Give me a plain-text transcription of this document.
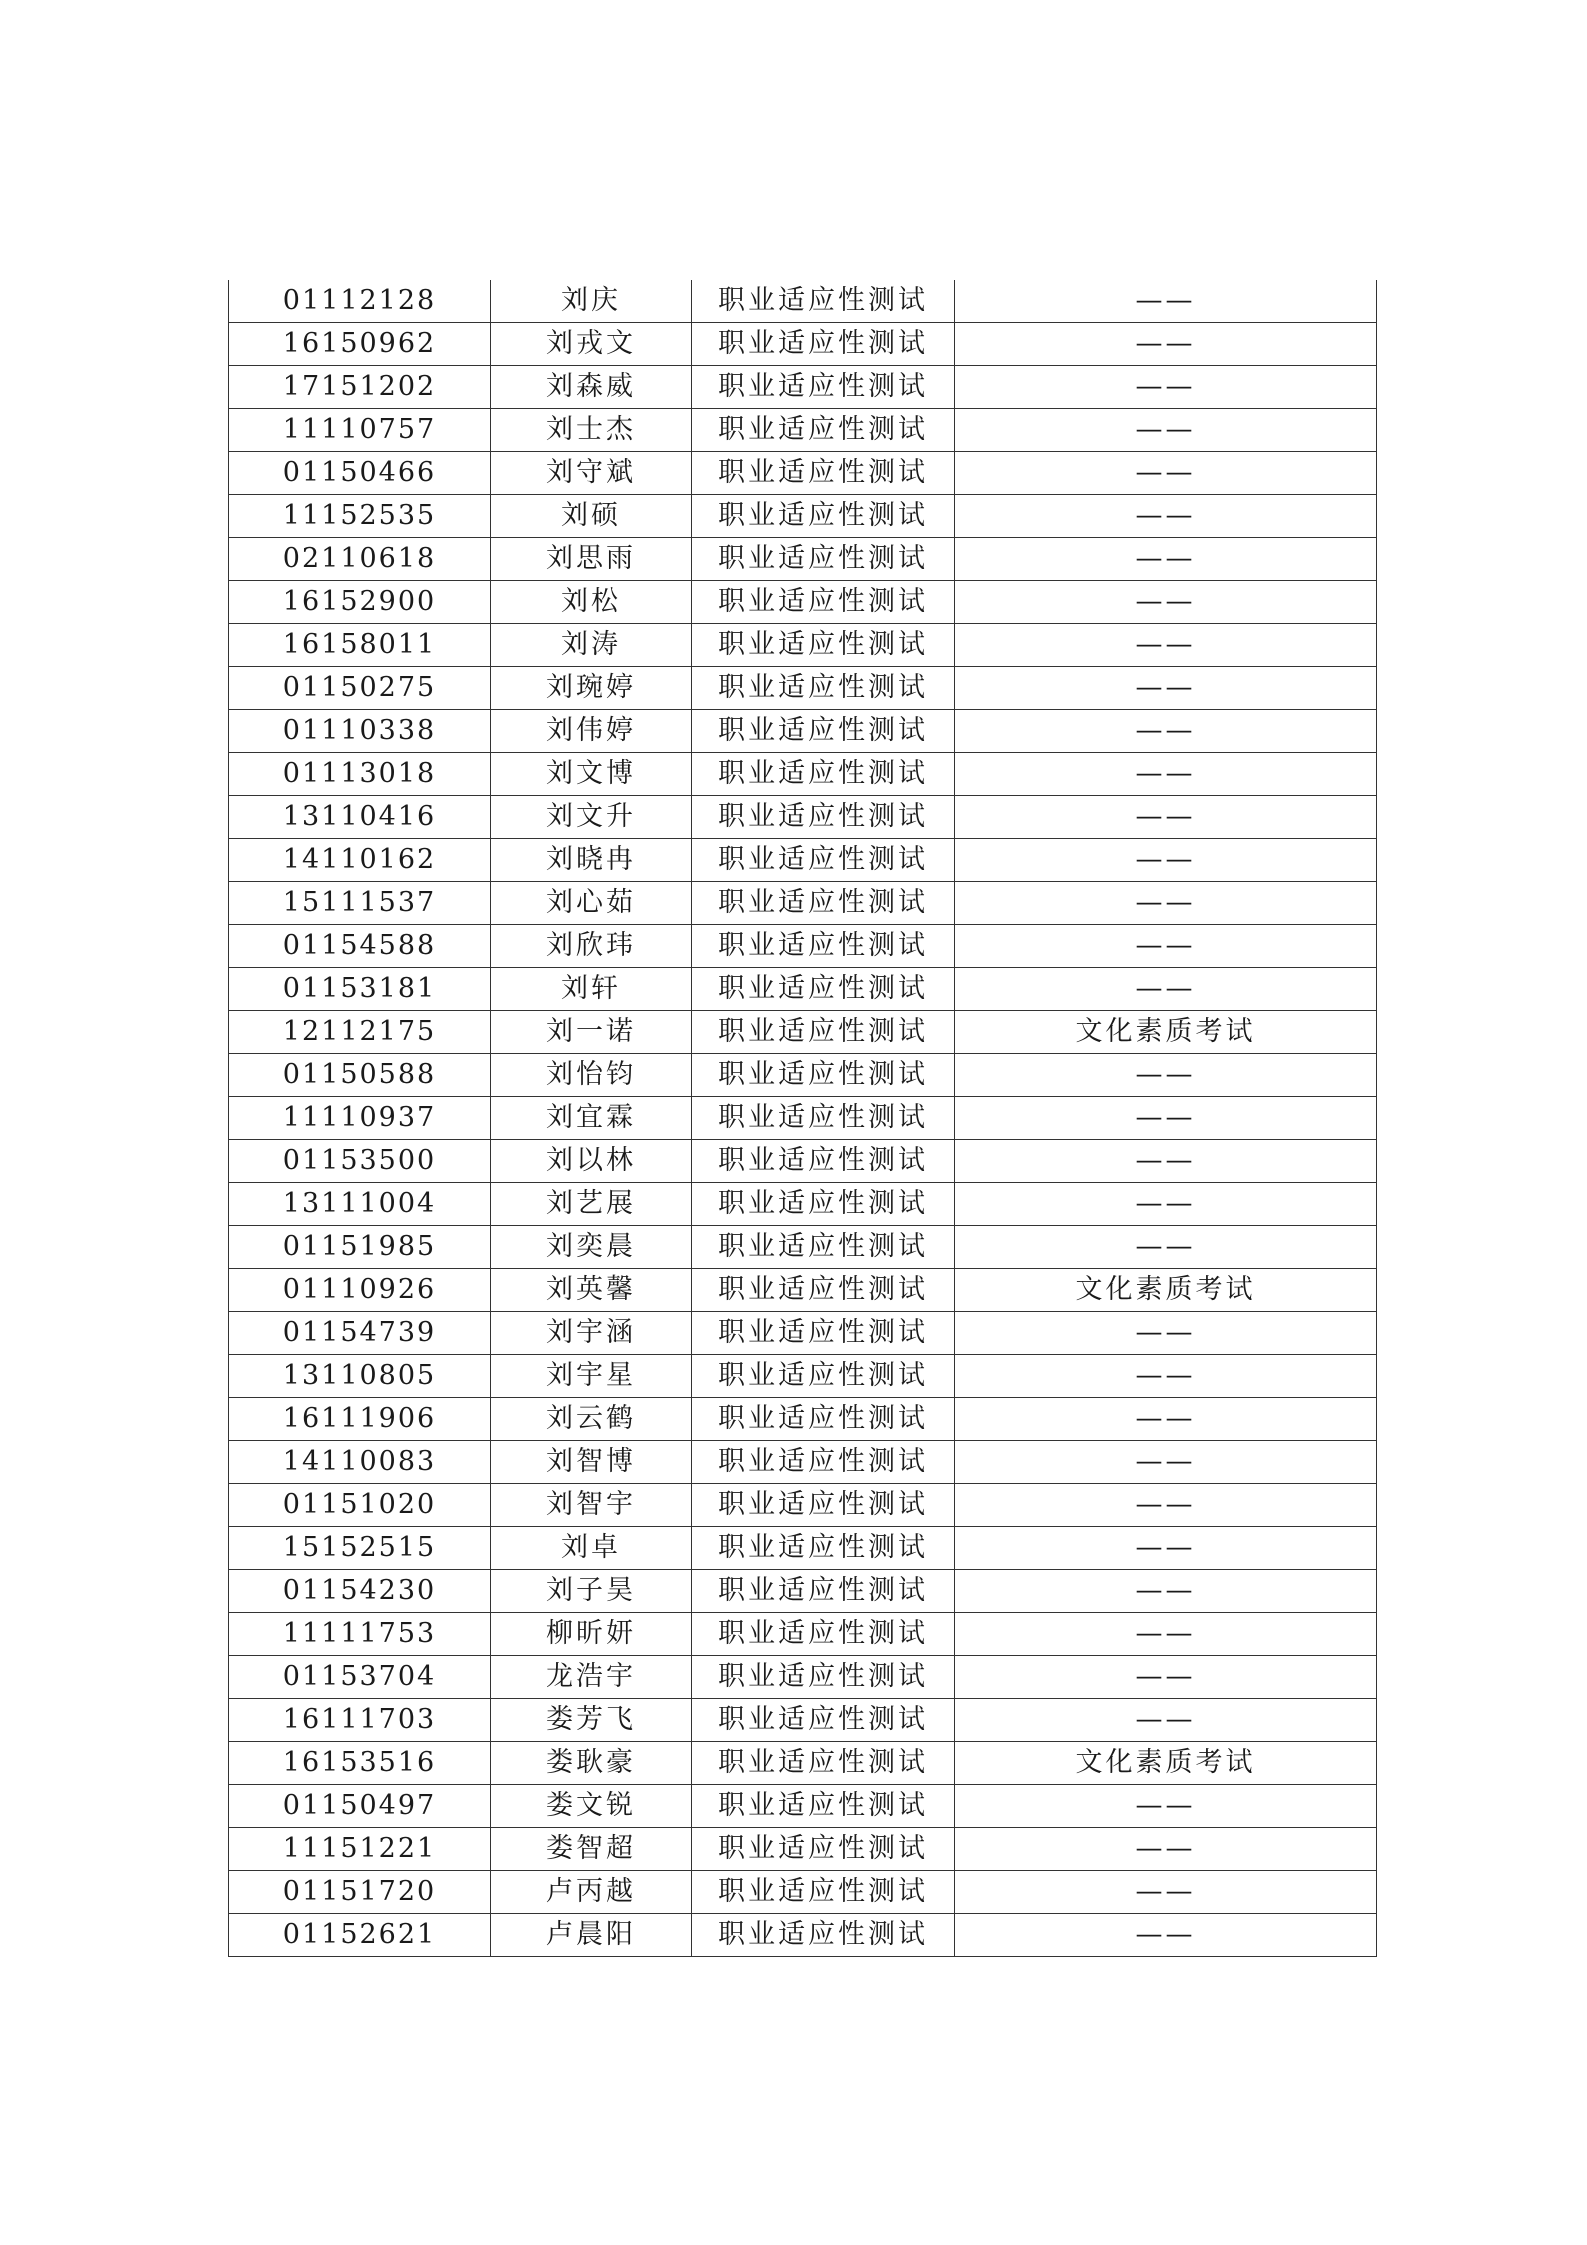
01112128	刘庆	职业适应性测试	——
16150962	刘戎文	职业适应性测试	——
17151202	刘森威	职业适应性测试	——
11110757	刘士杰	职业适应性测试	——
01150466	刘守斌	职业适应性测试	——
11152535	刘硕	职业适应性测试	——
02110618	刘思雨	职业适应性测试	——
16152900	刘松	职业适应性测试	——
16158011	刘涛	职业适应性测试	——
01150275	刘琬婷	职业适应性测试	——
01110338	刘伟婷	职业适应性测试	——
01113018	刘文博	职业适应性测试	——
13110416	刘文升	职业适应性测试	——
14110162	刘晓冉	职业适应性测试	——
15111537	刘心茹	职业适应性测试	——
01154588	刘欣玮	职业适应性测试	——
01153181	刘轩	职业适应性测试	——
12112175	刘一诺	职业适应性测试	文化素质考试
01150588	刘怡钧	职业适应性测试	——
11110937	刘宜霖	职业适应性测试	——
01153500	刘以林	职业适应性测试	——
13111004	刘艺展	职业适应性测试	——
01151985	刘奕晨	职业适应性测试	——
01110926	刘英馨	职业适应性测试	文化素质考试
01154739	刘宇涵	职业适应性测试	——
13110805	刘宇星	职业适应性测试	——
16111906	刘云鹤	职业适应性测试	——
14110083	刘智博	职业适应性测试	——
01151020	刘智宇	职业适应性测试	——
15152515	刘卓	职业适应性测试	——
01154230	刘子昊	职业适应性测试	——
11111753	柳昕妍	职业适应性测试	——
01153704	龙浩宇	职业适应性测试	——
16111703	娄芳飞	职业适应性测试	——
16153516	娄耿豪	职业适应性测试	文化素质考试
01150497	娄文锐	职业适应性测试	——
11151221	娄智超	职业适应性测试	——
01151720	卢丙越	职业适应性测试	——
01152621	卢晨阳	职业适应性测试	——
